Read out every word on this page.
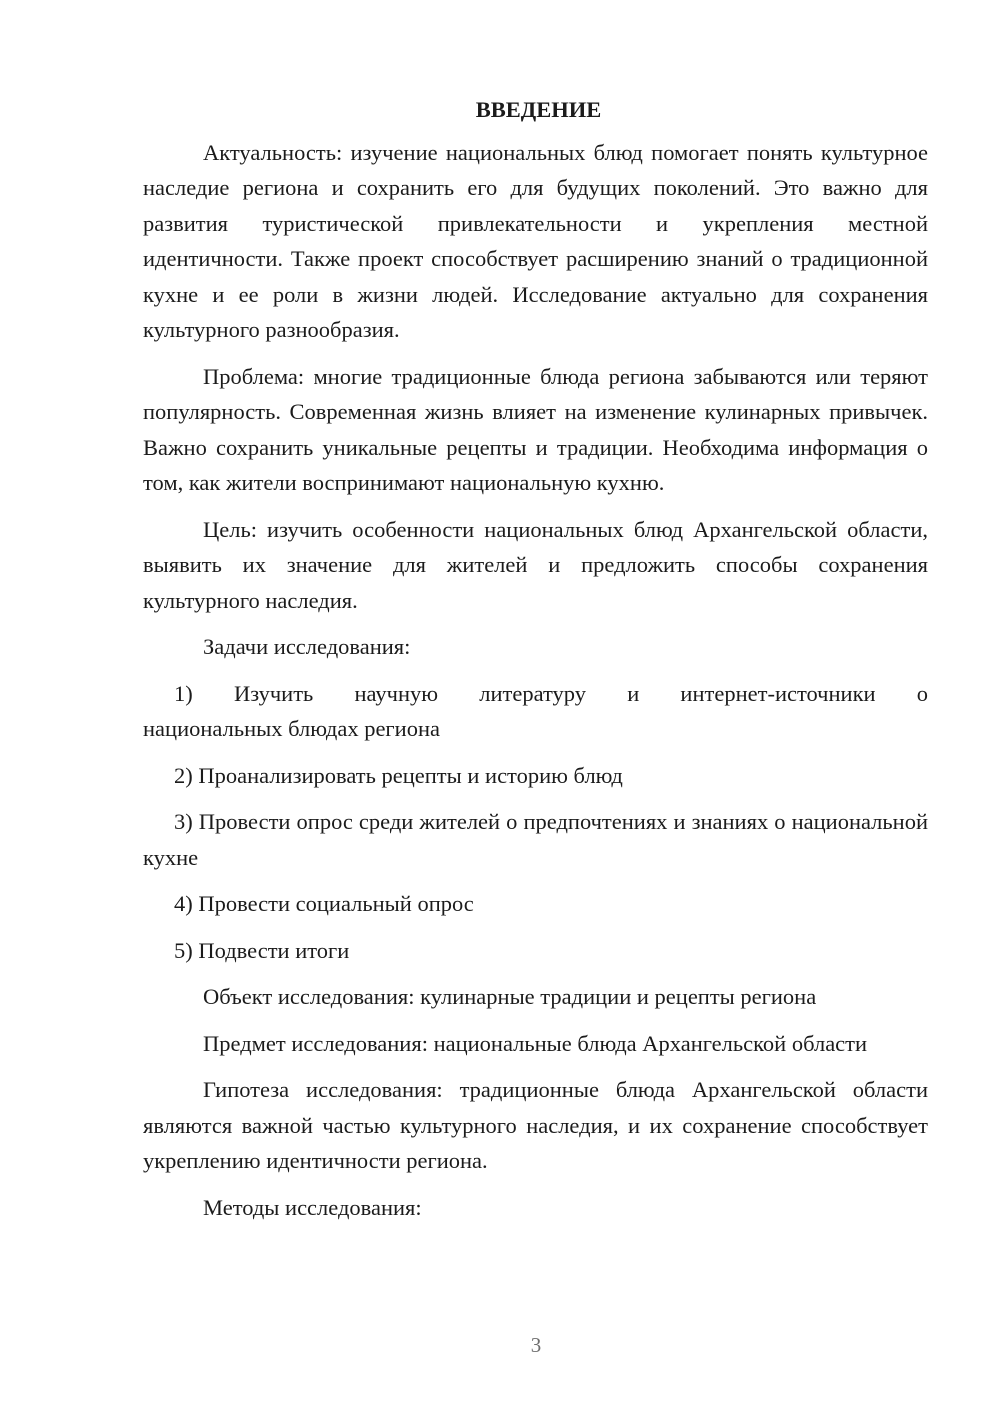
ВВЕДЕНИЕ

Актуальность: изучение национальных блюд помогает понять культурное наследие региона и сохранить его для будущих поколений. Это важно для развития туристической привлекательности и укрепления местной идентичности. Также проект способствует расширению знаний о традиционной кухне и ее роли в жизни людей. Исследование актуально для сохранения культурного разнообразия.

Проблема: многие традиционные блюда региона забываются или теряют популярность. Современная жизнь влияет на изменение кулинарных привычек. Важно сохранить уникальные рецепты и традиции. Необходима информация о том, как жители воспринимают национальную кухню.

Цель: изучить особенности национальных блюд Архангельской области, выявить их значение для жителей и предложить способы сохранения культурного наследия.

Задачи исследования:

1) Изучить научную литературу и интернет-источники о

национальных блюдах региона

2) Проанализировать рецепты и историю блюд

3) Провести опрос среди жителей о предпочтениях и знаниях о национальной кухне

4) Провести социальный опрос

5) Подвести итоги

Объект исследования: кулинарные традиции и рецепты региона

Предмет исследования: национальные блюда Архангельской области

Гипотеза исследования: традиционные блюда Архангельской области являются важной частью культурного наследия, и их сохранение способствует укреплению идентичности региона.

Методы исследования:

3
